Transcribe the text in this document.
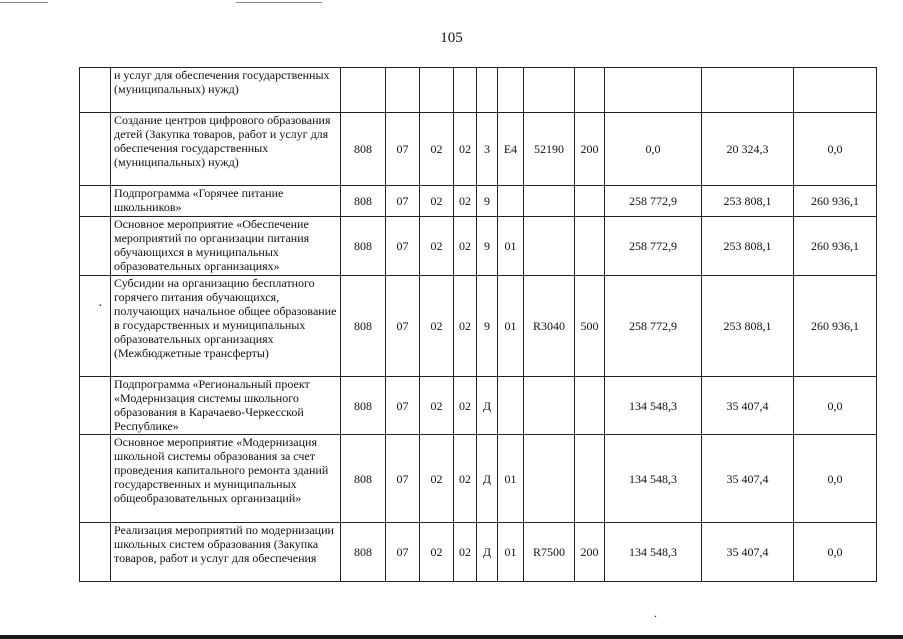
105
	и услуг для обеспечения государственных (муниципальных) нужд)											
	Создание центров цифрового образования детей (Закупка товаров, работ и услуг для обеспечения государственных (муниципальных) нужд)	808	07	02	02	3	Е4	52190	200	0,0	20 324,3	0,0
	Подпрограмма «Горячее питание школьников»	808	07	02	02	9				258 772,9	253 808,1	260 936,1
	Основное мероприятие «Обеспечение мероприятий по организации питания обучающихся в муниципальных образовательных организациях»	808	07	02	02	9	01			258 772,9	253 808,1	260 936,1

·	Субсидии на организацию бесплатного горячего питания обучающихся, получающих начальное общее образование в государственных и муниципальных образовательных организациях (Межбюджетные трансферты)	808	07	02	02	9	01	R3040	500	258 772,9	253 808,1	260 936,1
	Подпрограмма «Региональный проект «Модернизация системы школьного образования в Карачаево-Черкесской Республике»	808	07	02	02	Д				134 548,3	35 407,4	0,0
	Основное мероприятие «Модернизация школьной системы образования за счет проведения капитального ремонта зданий государственных и муниципальных общеобразовательных организаций»	808	07	02	02	Д	01			134 548,3	35 407,4	0,0
	Реализация мероприятий по модернизации школьных систем образования (Закупка товаров, работ и услуг для обеспечения	808	07	02	02	Д	01	R7500	200	134 548,3	35 407,4	0,0
.
